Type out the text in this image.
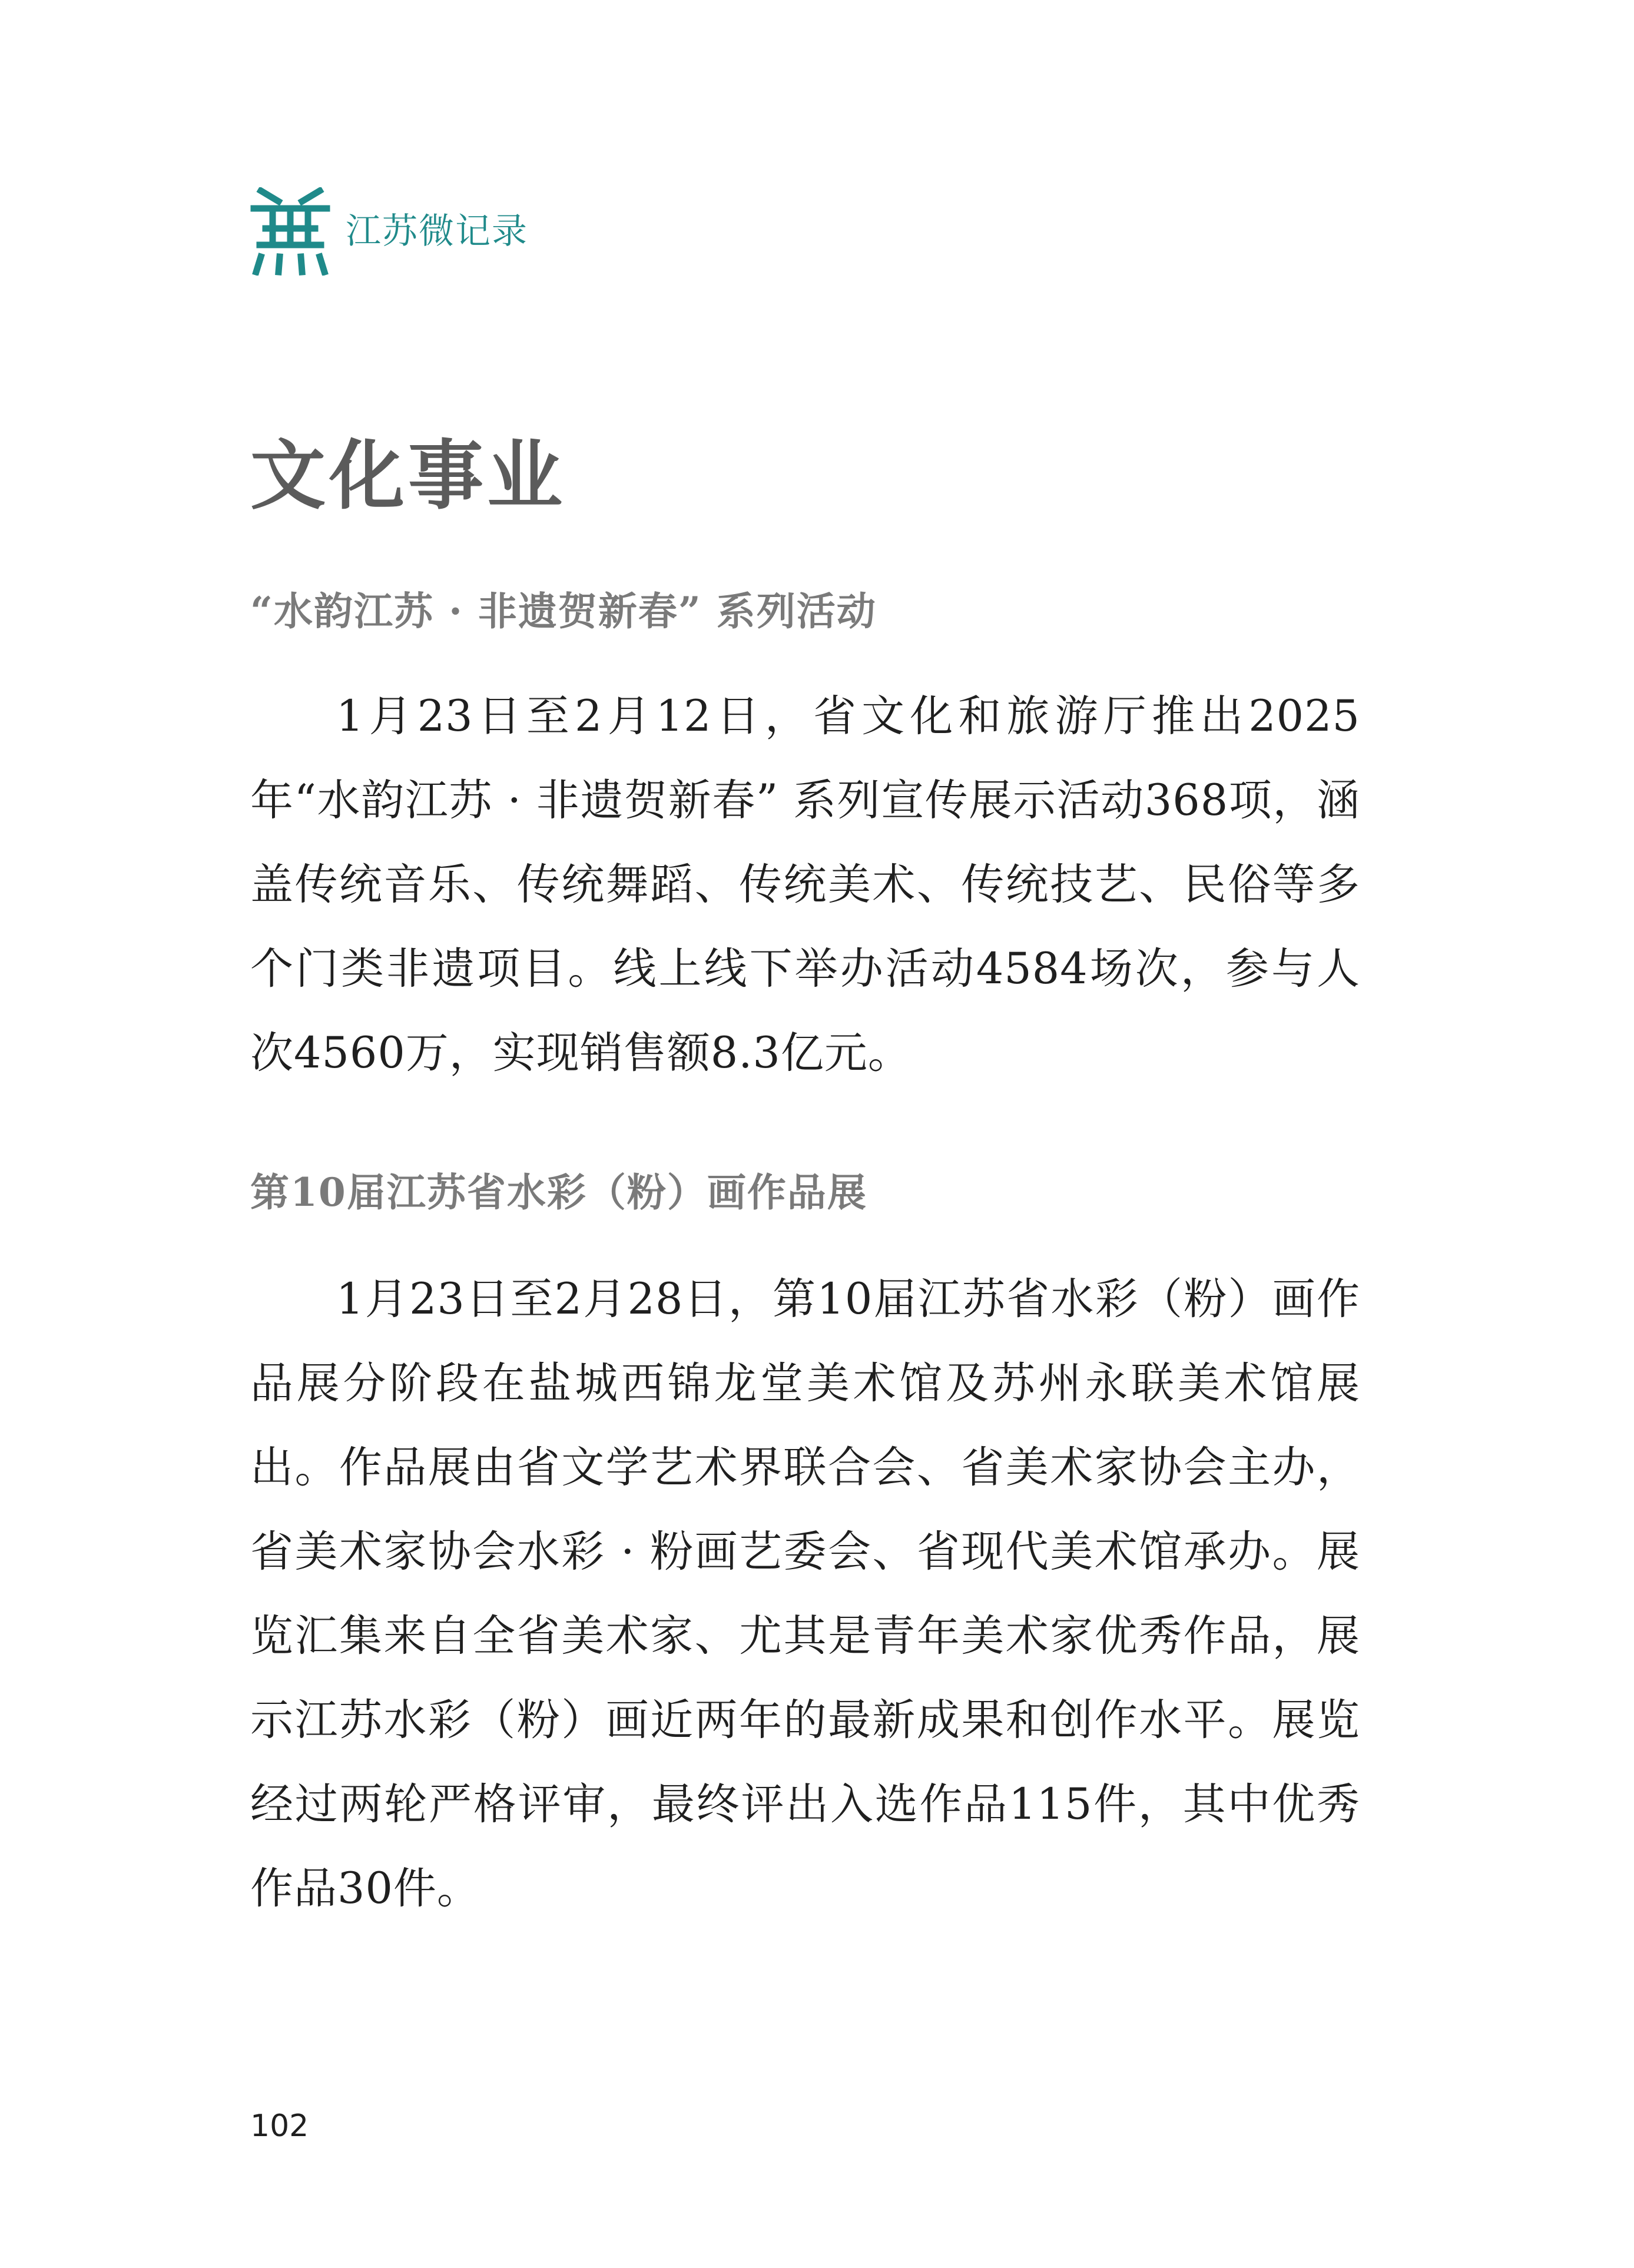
江苏微记录
文化事业
“水韵江苏 · 非遗贺新春” 系列活动

1月23日至2月12日，省文化和旅游厅推出2025年“水韵江苏 · 非遗贺新春” 系列宣传展示活动368项，涵盖传统音乐、传统舞蹈、传统美术、传统技艺、民俗等多个门类非遗项目。线上线下举办活动4584场次，参与人次4560万，实现销售额8.3亿元。

第10届江苏省水彩（粉）画作品展

1月23日至2月28日，第10届江苏省水彩（粉）画作品展分阶段在盐城西锦龙堂美术馆及苏州永联美术馆展出。作品展由省文学艺术界联合会、省美术家协会主办，省美术家协会水彩 · 粉画艺委会、省现代美术馆承办。展览汇集来自全省美术家、尤其是青年美术家优秀作品，展示江苏水彩（粉）画近两年的最新成果和创作水平。展览经过两轮严格评审，最终评出入选作品115件，其中优秀作品30件。

102
